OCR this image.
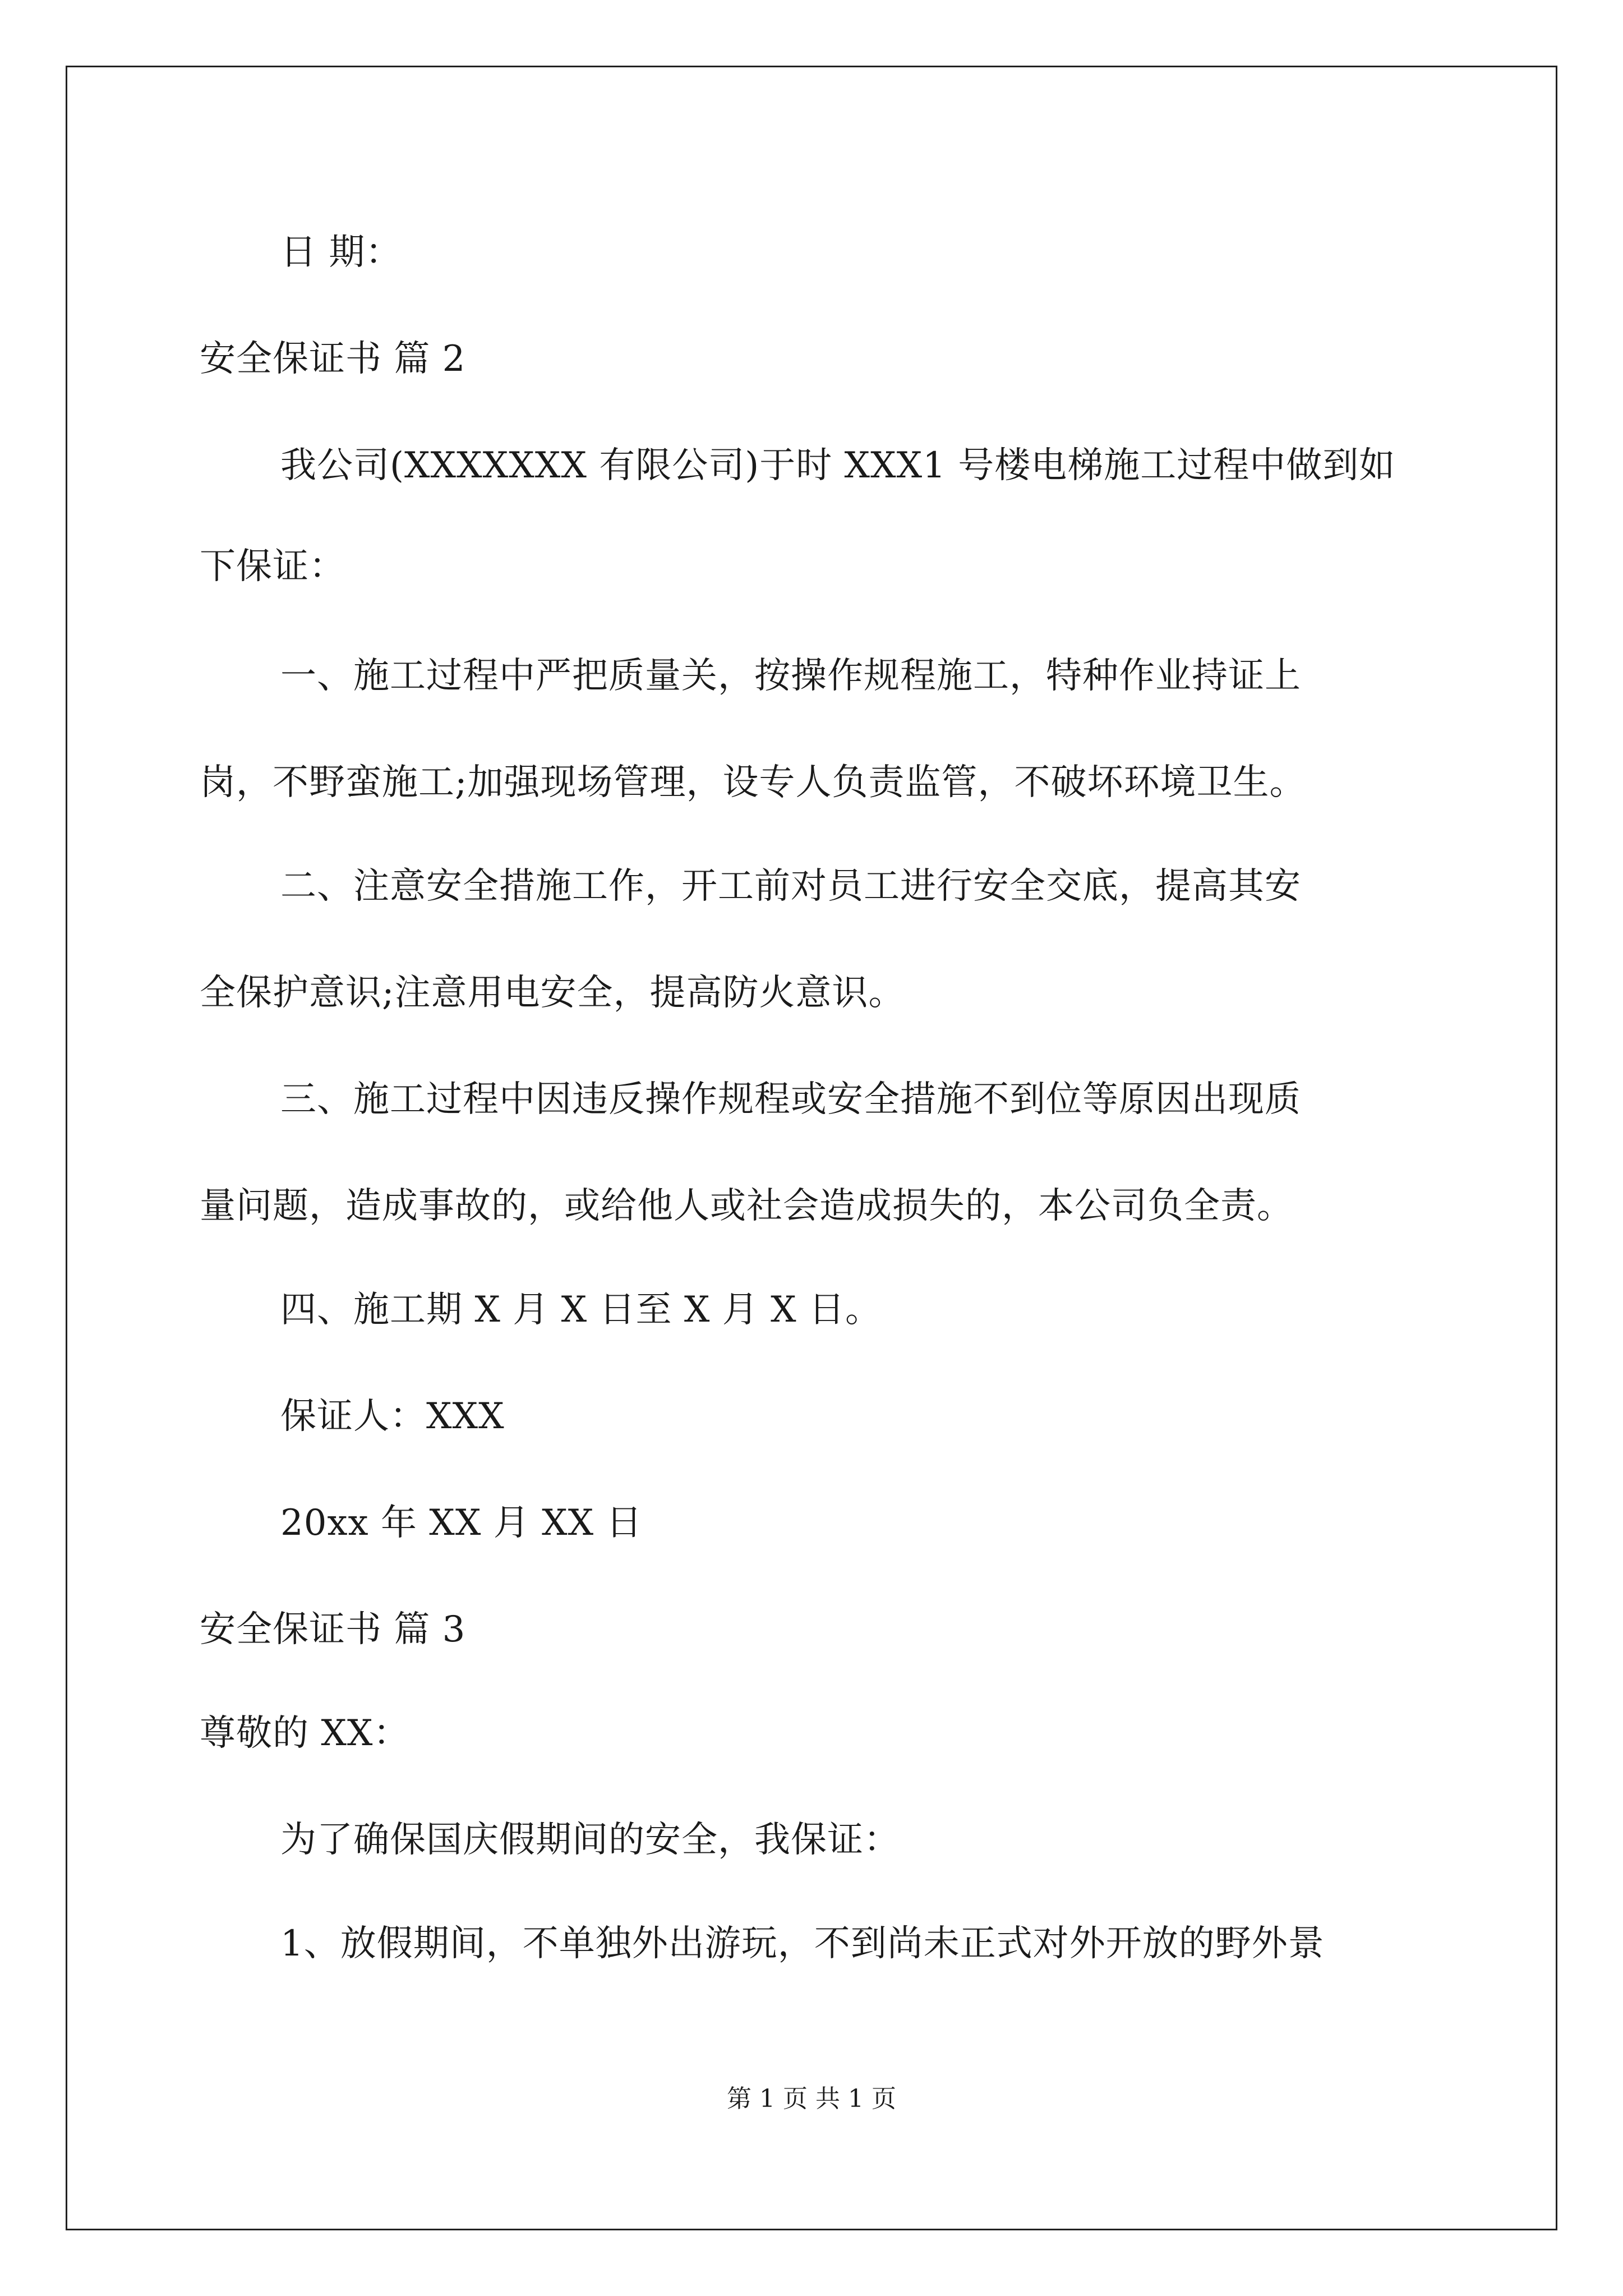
日 期：
安全保证书 篇 2
我公司(XXXXXXX 有限公司)于时 XXX1 号楼电梯施工过程中做到如
下保证：
一、施工过程中严把质量关，按操作规程施工，特种作业持证上
岗，不野蛮施工;加强现场管理，设专人负责监管，不破坏环境卫生。
二、注意安全措施工作，开工前对员工进行安全交底，提高其安
全保护意识;注意用电安全，提高防火意识。
三、施工过程中因违反操作规程或安全措施不到位等原因出现质
量问题，造成事故的，或给他人或社会造成损失的，本公司负全责。
四、施工期 X 月 X 日至 X 月 X 日。
保证人：XXX
20xx 年 XX 月 XX 日
安全保证书 篇 3
尊敬的 XX：
为了确保国庆假期间的安全，我保证：
1、放假期间，不单独外出游玩，不到尚未正式对外开放的野外景
第 1 页 共 1 页
